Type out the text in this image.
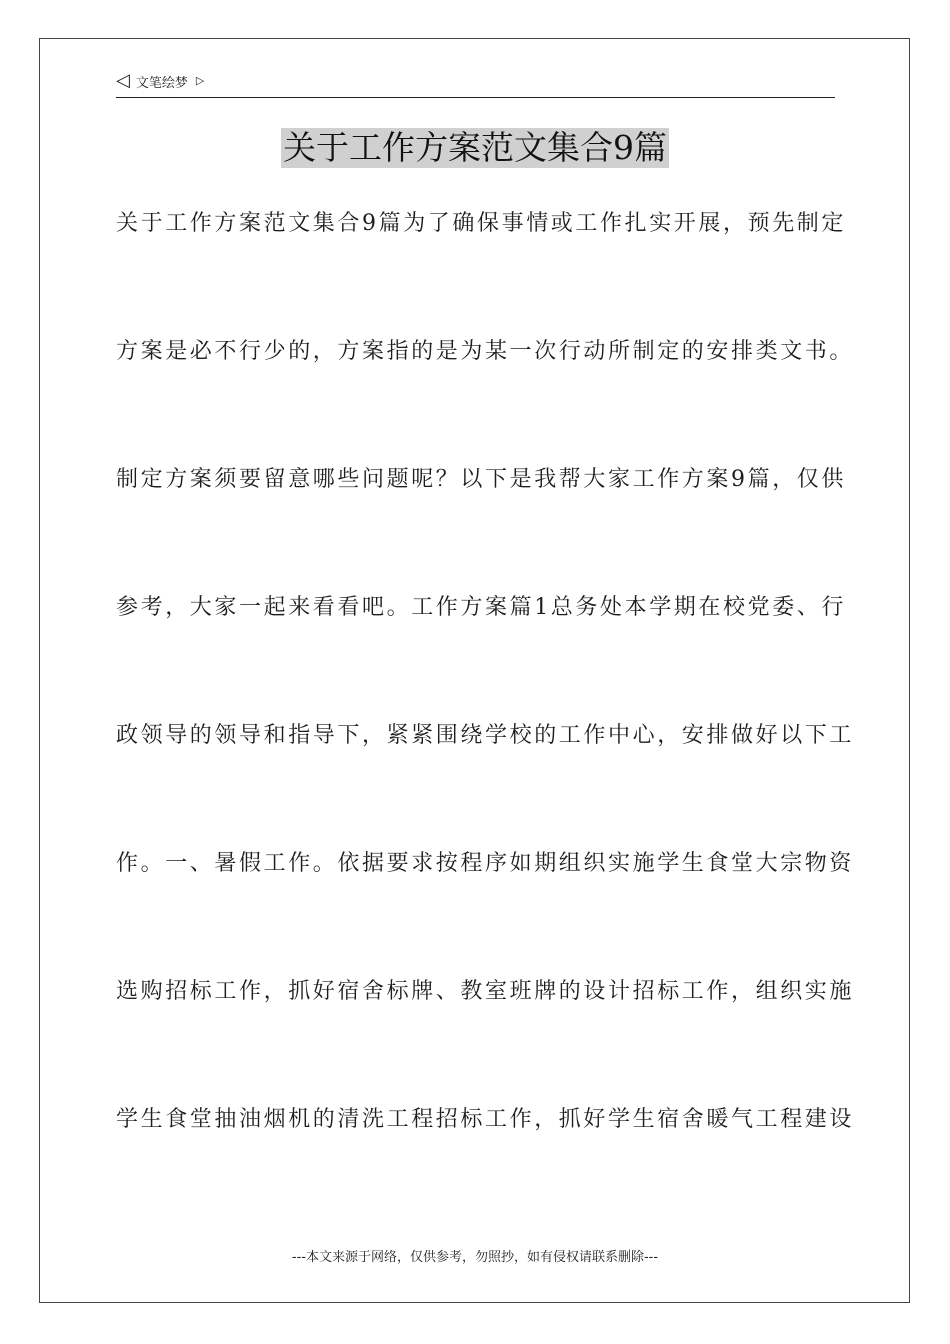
◁ 文笔绘梦 ▷
关于工作方案范文集合9篇
关于工作方案范文集合9篇为了确保事情或工作扎实开展，预先制定
方案是必不行少的，方案指的是为某一次行动所制定的安排类文书。
制定方案须要留意哪些问题呢？以下是我帮大家工作方案9篇，仅供
参考，大家一起来看看吧。工作方案篇1总务处本学期在校党委、行
政领导的领导和指导下，紧紧围绕学校的工作中心，安排做好以下工
作。一、暑假工作。依据要求按程序如期组织实施学生食堂大宗物资
选购招标工作，抓好宿舍标牌、教室班牌的设计招标工作，组织实施
学生食堂抽油烟机的清洗工程招标工作，抓好学生宿舍暖气工程建设
---本文来源于网络，仅供参考，勿照抄，如有侵权请联系删除---
